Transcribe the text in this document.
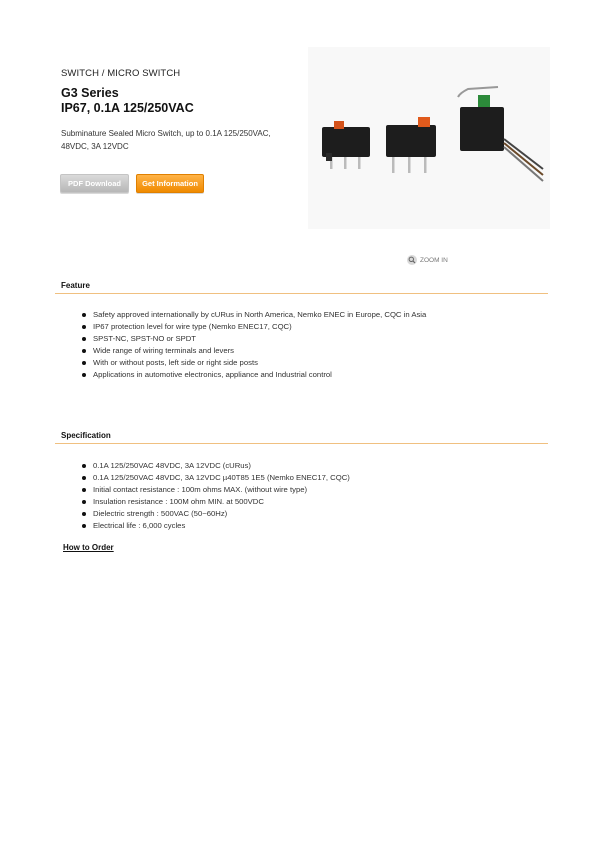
SWITCH / MICRO SWITCH
G3 Series
IP67, 0.1A 125/250VAC
Subminature Sealed Micro Switch, up to 0.1A 125/250VAC,
48VDC, 3A 12VDC
PDF Download	Get Information
ZOOM IN
Feature
Safety approved internationally by cURus in North America, Nemko ENEC in Europe, CQC in Asia
IP67 protection level for wire type (Nemko ENEC17, CQC)
SPST-NC, SPST-NO or SPDT
Wide range of wiring terminals and levers
With or without posts, left side or right side posts
Applications in automotive electronics, appliance and Industrial control
Specification
0.1A 125/250VAC 48VDC, 3A 12VDC (cURus)
0.1A 125/250VAC 48VDC, 3A 12VDC µ40T85 1E5 (Nemko ENEC17, CQC)
Initial contact resistance : 100m ohms MAX. (without wire type)
Insulation resistance : 100M ohm MIN. at 500VDC
Dielectric strength : 500VAC (50~60Hz)
Electrical life : 6,000 cycles
How to Order
